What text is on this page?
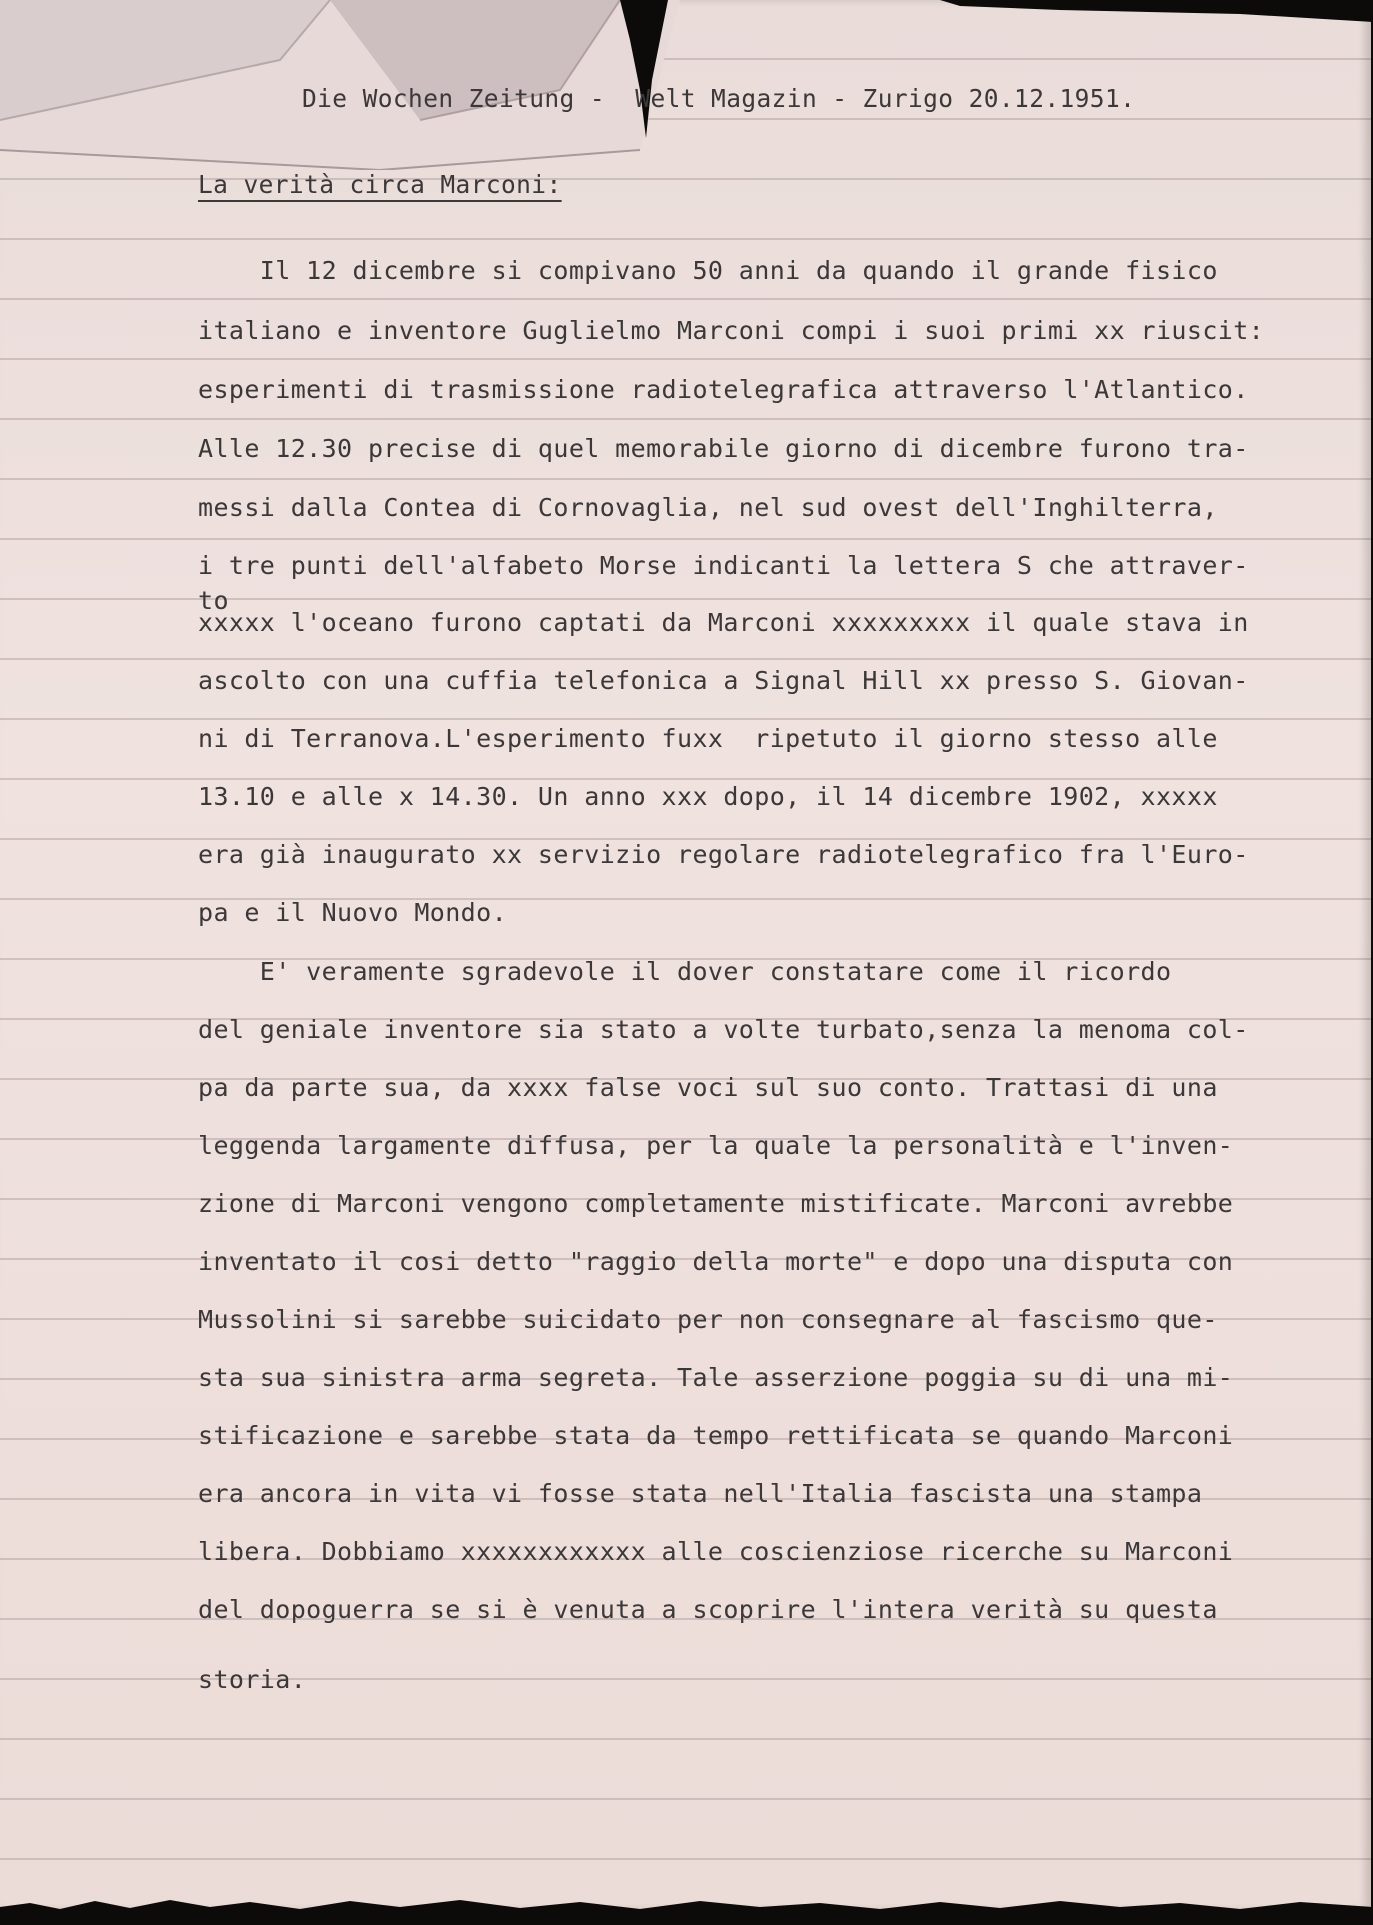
Die Wochen Zeitung -  Welt Magazin - Zurigo 20.12.1951.
La verità circa Marconi:
Il 12 dicembre si compivano 50 anni da quando il grande fisico
italiano e inventore Guglielmo Marconi compi i suoi primi xx riuscit:
esperimenti di trasmissione radiotelegrafica attraverso l'Atlantico.
Alle 12.30 precise di quel memorabile giorno di dicembre furono tra-
messi dalla Contea di Cornovaglia, nel sud ovest dell'Inghilterra,
i tre punti dell'alfabeto Morse indicanti la lettera S che attraver-
to
xxxxx l'oceano furono captati da Marconi xxxxxxxxx il quale stava in
ascolto con una cuffia telefonica a Signal Hill xx presso S. Giovan-
ni di Terranova.L'esperimento fuxx  ripetuto il giorno stesso alle
13.10 e alle x 14.30. Un anno xxx dopo, il 14 dicembre 1902, xxxxx
era già inaugurato xx servizio regolare radiotelegrafico fra l'Euro-
pa e il Nuovo Mondo.
E' veramente sgradevole il dover constatare come il ricordo
del geniale inventore sia stato a volte turbato,senza la menoma col-
pa da parte sua, da xxxx false voci sul suo conto. Trattasi di una
leggenda largamente diffusa, per la quale la personalità e l'inven-
zione di Marconi vengono completamente mistificate. Marconi avrebbe
inventato il cosi detto "raggio della morte" e dopo una disputa con
Mussolini si sarebbe suicidato per non consegnare al fascismo que-
sta sua sinistra arma segreta. Tale asserzione poggia su di una mi-
stificazione e sarebbe stata da tempo rettificata se quando Marconi
era ancora in vita vi fosse stata nell'Italia fascista una stampa
libera. Dobbiamo xxxxxxxxxxxx alle coscienziose ricerche su Marconi
del dopoguerra se si è venuta a scoprire l'intera verità su questa
storia.
